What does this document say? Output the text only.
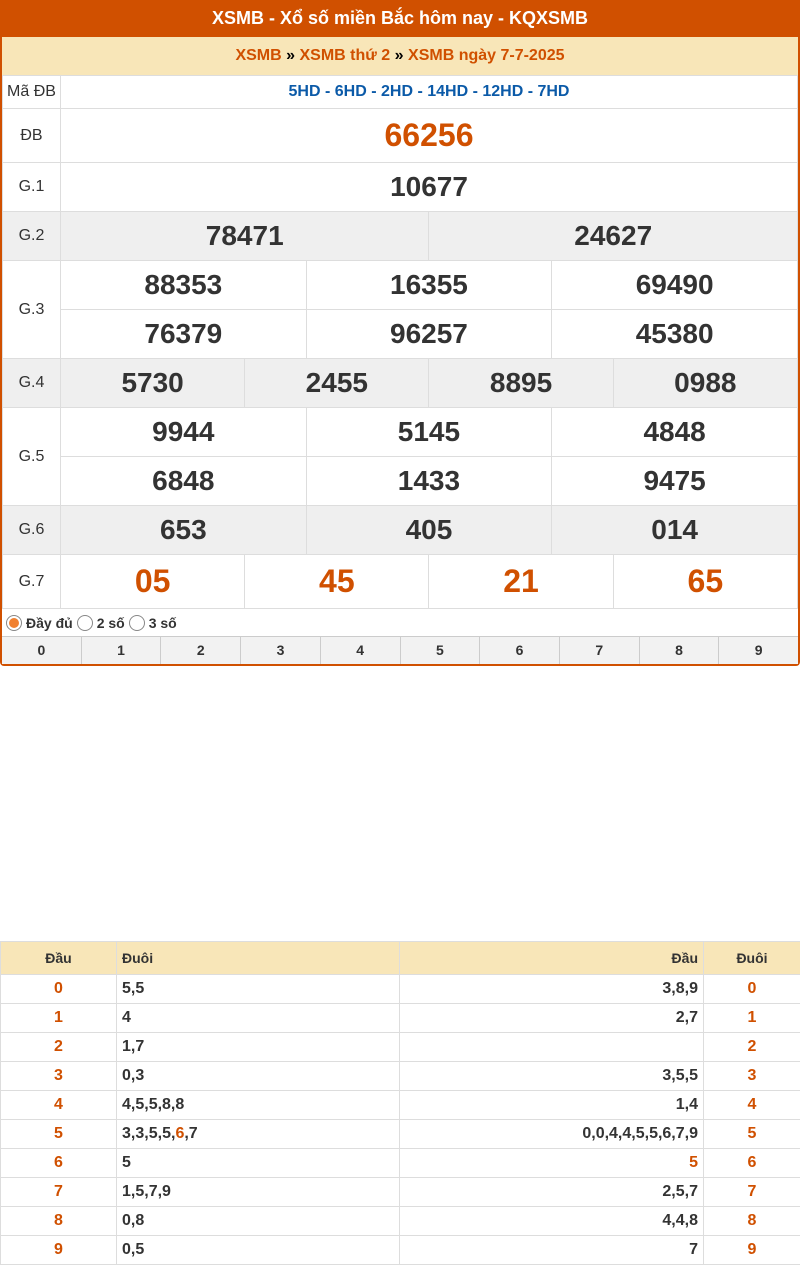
XSMB - Xổ số miền Bắc hôm nay - KQXSMB
XSMB » XSMB thứ 2 » XSMB ngày 7-7-2025
Mã ĐB	5HD - 6HD - 2HD - 14HD - 12HD - 7HD					
ĐB	66256					
G.1	10677					
G.2	78471			24627		
G.3	88353		16355		69490	
	76379		96257		45380	
G.4	5730	2455		8895		0988
G.5	9944		5145		4848	
	6848		1433		9475	
G.6	653		405		014	
G.7	05	45		21		65
Đầy đủ 2 số 3 số
0	1	2	3	4	5	6	7	8	9
Đầu	Đuôi	Đầu	Đuôi
0	5,5	3,8,9	0
1	4	2,7	1
2	1,7		2
3	0,3	3,5,5	3
4	4,5,5,8,8	1,4	4
5	3,3,5,5,6,7	0,0,4,4,5,5,6,7,9	5
6	5	5	6
7	1,5,7,9	2,5,7	7
8	0,8	4,4,8	8
9	0,5	7	9
